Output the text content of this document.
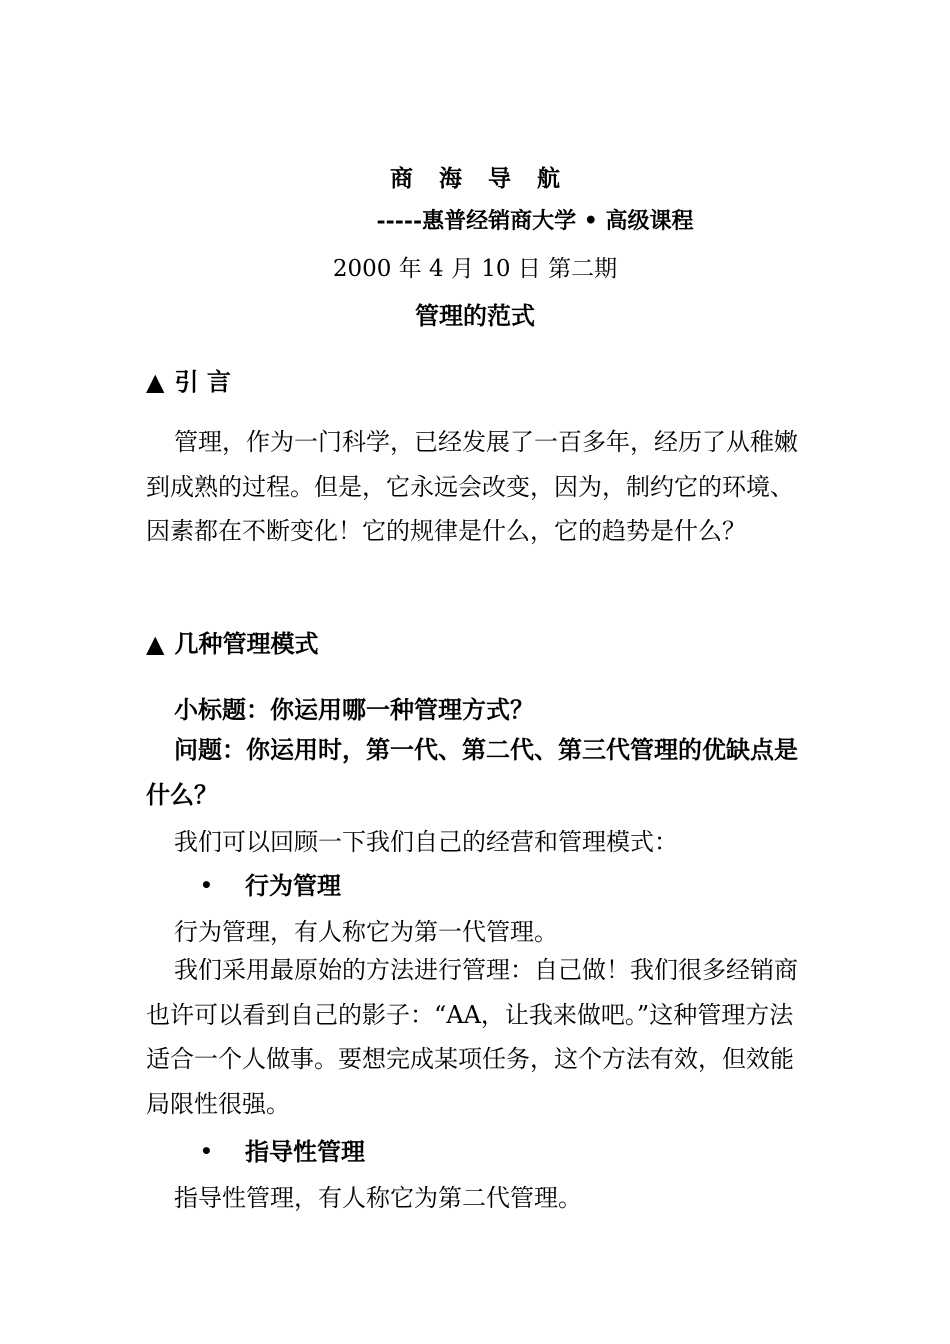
商海导航
-----惠普经销商大学 • 高级课程
2000 年 4 月 10 日 第二期
管理的范式
▲ 引 言

管理，作为一门科学，已经发展了一百多年，经历了从稚嫩到成熟的过程。但是，它永远会改变，因为，制约它的环境、因素都在不断变化！它的规律是什么，它的趋势是什么？

▲ 几种管理模式
小标题：你运用哪一种管理方式？

问题：你运用时，第一代、第二代、第三代管理的优缺点是什么？

我们可以回顾一下我们自己的经营和管理模式：
• 行为管理
行为管理，有人称它为第一代管理。

我们采用最原始的方法进行管理：自己做！我们很多经销商也许可以看到自己的影子：“AA，让我来做吧。”这种管理方法适合一个人做事。要想完成某项任务，这个方法有效，但效能局限性很强。

• 指导性管理
指导性管理，有人称它为第二代管理。
